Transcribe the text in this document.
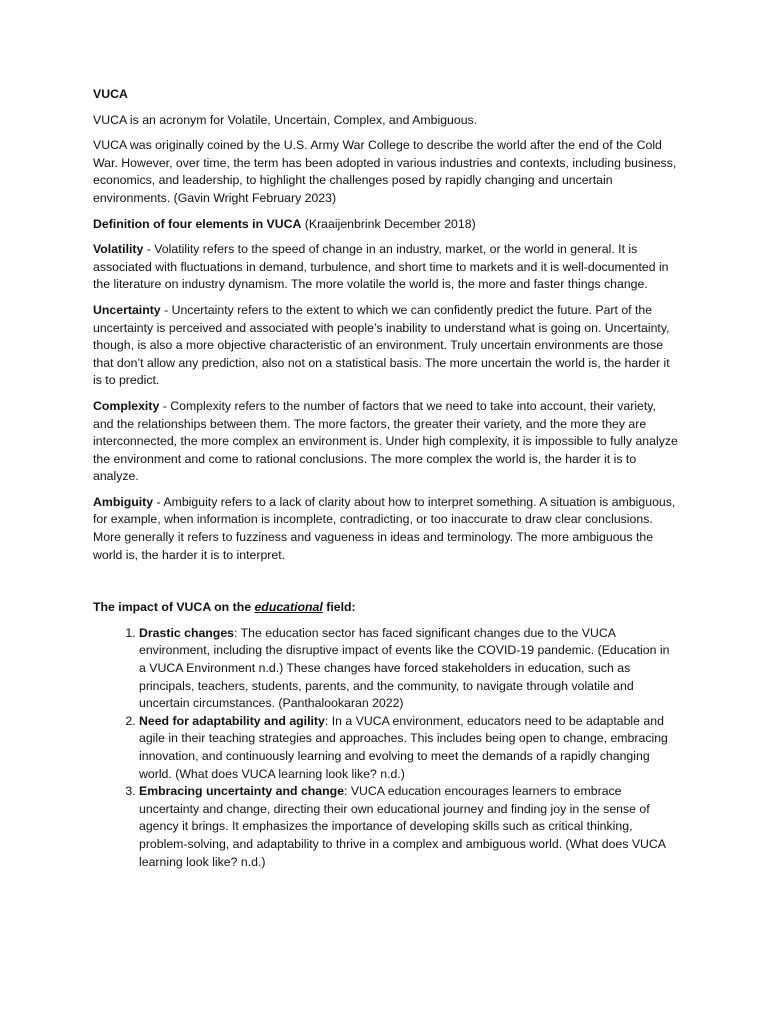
VUCA

VUCA is an acronym for Volatile, Uncertain, Complex, and Ambiguous.

VUCA was originally coined by the U.S. Army War College to describe the world after the end of the Cold War. However, over time, the term has been adopted in various industries and contexts, including business, economics, and leadership, to highlight the challenges posed by rapidly changing and uncertain environments. (Gavin Wright February 2023)

Definition of four elements in VUCA (Kraaijenbrink December 2018)

Volatility - Volatility refers to the speed of change in an industry, market, or the world in general. It is associated with fluctuations in demand, turbulence, and short time to markets and it is well-documented in the literature on industry dynamism. The more volatile the world is, the more and faster things change.

Uncertainty - Uncertainty refers to the extent to which we can confidently predict the future. Part of the uncertainty is perceived and associated with people’s inability to understand what is going on. Uncertainty, though, is also a more objective characteristic of an environment. Truly uncertain environments are those that don’t allow any prediction, also not on a statistical basis. The more uncertain the world is, the harder it is to predict.

Complexity - Complexity refers to the number of factors that we need to take into account, their variety, and the relationships between them. The more factors, the greater their variety, and the more they are interconnected, the more complex an environment is. Under high complexity, it is impossible to fully analyze the environment and come to rational conclusions. The more complex the world is, the harder it is to analyze.

Ambiguity - Ambiguity refers to a lack of clarity about how to interpret something. A situation is ambiguous, for example, when information is incomplete, contradicting, or too inaccurate to draw clear conclusions. More generally it refers to fuzziness and vagueness in ideas and terminology. The more ambiguous the world is, the harder it is to interpret.

The impact of VUCA on the educational field:

1. Drastic changes: The education sector has faced significant changes due to the VUCA environment, including the disruptive impact of events like the COVID-19 pandemic. (Education in a VUCA Environment n.d.) These changes have forced stakeholders in education, such as principals, teachers, students, parents, and the community, to navigate through volatile and uncertain circumstances. (Panthalookaran 2022)
2. Need for adaptability and agility: In a VUCA environment, educators need to be adaptable and agile in their teaching strategies and approaches. This includes being open to change, embracing innovation, and continuously learning and evolving to meet the demands of a rapidly changing world. (What does VUCA learning look like? n.d.)
3. Embracing uncertainty and change: VUCA education encourages learners to embrace uncertainty and change, directing their own educational journey and finding joy in the sense of agency it brings. It emphasizes the importance of developing skills such as critical thinking, problem-solving, and adaptability to thrive in a complex and ambiguous world. (What does VUCA learning look like? n.d.)
